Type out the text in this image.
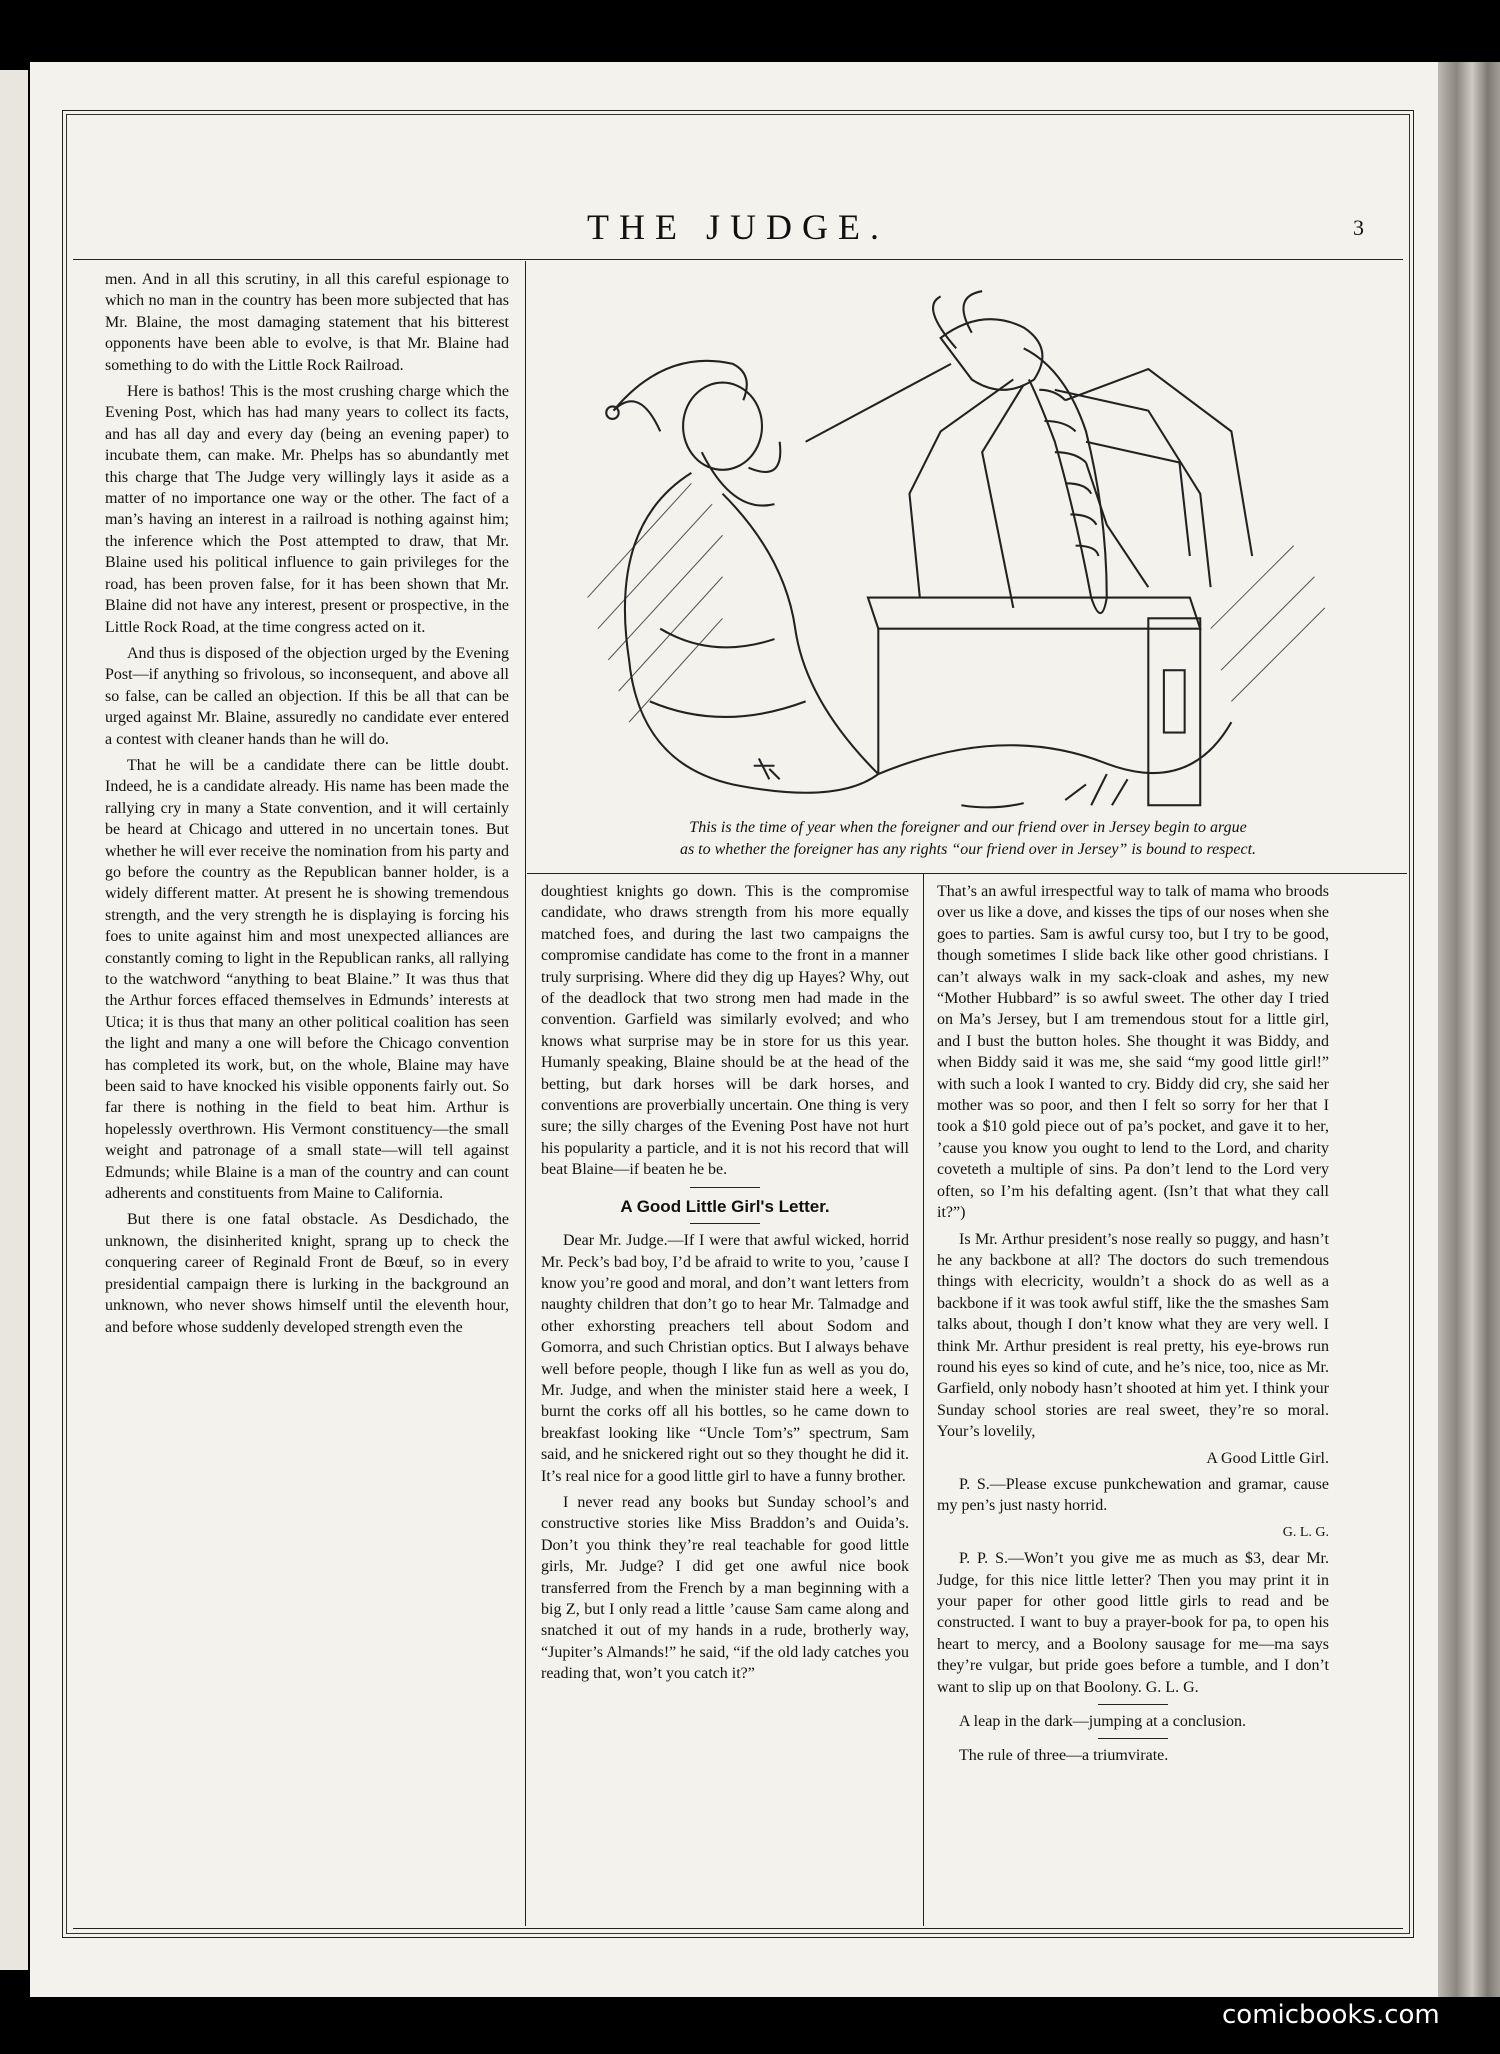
THE JUDGE.	3

men. And in all this scrutiny, in all this careful espionage to which no man in the country has been more subjected that has Mr. Blaine, the most damaging statement that his bitterest opponents have been able to evolve, is that Mr. Blaine had something to do with the Little Rock Railroad.

Here is bathos! This is the most crushing charge which the Evening Post, which has had many years to collect its facts, and has all day and every day (being an evening paper) to incubate them, can make. Mr. Phelps has so abundantly met this charge that The Judge very willingly lays it aside as a matter of no importance one way or the other. The fact of a man’s having an interest in a railroad is nothing against him; the inference which the Post attempted to draw, that Mr. Blaine used his political influence to gain privileges for the road, has been proven false, for it has been shown that Mr. Blaine did not have any interest, present or prospective, in the Little Rock Road, at the time congress acted on it.

And thus is disposed of the objection urged by the Evening Post—if anything so frivolous, so inconsequent, and above all so false, can be called an objection. If this be all that can be urged against Mr. Blaine, assuredly no candidate ever entered a contest with cleaner hands than he will do.

That he will be a candidate there can be little doubt. Indeed, he is a candidate already. His name has been made the rallying cry in many a State convention, and it will certainly be heard at Chicago and uttered in no uncertain tones. But whether he will ever receive the nomination from his party and go before the country as the Republican banner holder, is a widely different matter. At present he is showing tremendous strength, and the very strength he is displaying is forcing his foes to unite against him and most unexpected alliances are constantly coming to light in the Republican ranks, all rallying to the watchword “anything to beat Blaine.” It was thus that the Arthur forces effaced themselves in Edmunds’ interests at Utica; it is thus that many an other political coalition has seen the light and many a one will before the Chicago convention has completed its work, but, on the whole, Blaine may have been said to have knocked his visible opponents fairly out. So far there is nothing in the field to beat him. Arthur is hopelessly overthrown. His Vermont constituency—the small weight and patronage of a small state—will tell against Edmunds; while Blaine is a man of the country and can count adherents and constituents from Maine to California.

But there is one fatal obstacle. As Desdichado, the unknown, the disinherited knight, sprang up to check the conquering career of Reginald Front de Bœuf, so in every presidential campaign there is lurking in the background an unknown, who never shows himself until the eleventh hour, and before whose suddenly developed strength even the

This is the time of year when the foreigner and our friend over in Jersey begin to argue
as to whether the foreigner has any rights “our friend over in Jersey” is bound to respect.

doughtiest knights go down. This is the compromise candidate, who draws strength from his more equally matched foes, and during the last two campaigns the compromise candidate has come to the front in a manner truly surprising. Where did they dig up Hayes? Why, out of the deadlock that two strong men had made in the convention. Garfield was similarly evolved; and who knows what surprise may be in store for us this year. Humanly speaking, Blaine should be at the head of the betting, but dark horses will be dark horses, and conventions are proverbially uncertain. One thing is very sure; the silly charges of the Evening Post have not hurt his popularity a particle, and it is not his record that will beat Blaine—if beaten he be.

A Good Little Girl's Letter.

Dear Mr. Judge.—If I were that awful wicked, horrid Mr. Peck’s bad boy, I’d be afraid to write to you, ’cause I know you’re good and moral, and don’t want letters from naughty children that don’t go to hear Mr. Talmadge and other exhorsting preachers tell about Sodom and Gomorra, and such Christian optics. But I always behave well before people, though I like fun as well as you do, Mr. Judge, and when the minister staid here a week, I burnt the corks off all his bottles, so he came down to breakfast looking like “Uncle Tom’s” spectrum, Sam said, and he snickered right out so they thought he did it. It’s real nice for a good little girl to have a funny brother.

I never read any books but Sunday school’s and constructive stories like Miss Braddon’s and Ouida’s. Don’t you think they’re real teachable for good little girls, Mr. Judge? I did get one awful nice book transferred from the French by a man beginning with a big Z, but I only read a little ’cause Sam came along and snatched it out of my hands in a rude, brotherly way, “Jupiter’s Almands!” he said, “if the old lady catches you reading that, won’t you catch it?”

That’s an awful irrespectful way to talk of mama who broods over us like a dove, and kisses the tips of our noses when she goes to parties. Sam is awful cursy too, but I try to be good, though sometimes I slide back like other good christians. I can’t always walk in my sack-cloak and ashes, my new “Mother Hubbard” is so awful sweet. The other day I tried on Ma’s Jersey, but I am tremendous stout for a little girl, and I bust the button holes. She thought it was Biddy, and when Biddy said it was me, she said “my good little girl!” with such a look I wanted to cry. Biddy did cry, she said her mother was so poor, and then I felt so sorry for her that I took a $10 gold piece out of pa’s pocket, and gave it to her, ’cause you know you ought to lend to the Lord, and charity coveteth a multiple of sins. Pa don’t lend to the Lord very often, so I’m his defalting agent. (Isn’t that what they call it?”)

Is Mr. Arthur president’s nose really so puggy, and hasn’t he any backbone at all? The doctors do such tremendous things with elecricity, wouldn’t a shock do as well as a backbone if it was took awful stiff, like the the smashes Sam talks about, though I don’t know what they are very well. I think Mr. Arthur president is real pretty, his eye-brows run round his eyes so kind of cute, and he’s nice, too, nice as Mr. Garfield, only nobody hasn’t shooted at him yet. I think your Sunday school stories are real sweet, they’re so moral. Your’s lovelily,

A Good Little Girl.

P. S.—Please excuse punkchewation and gramar, cause my pen’s just nasty horrid.

G. L. G.

P. P. S.—Won’t you give me as much as $3, dear Mr. Judge, for this nice little letter? Then you may print it in your paper for other good little girls to read and be constructed. I want to buy a prayer-book for pa, to open his heart to mercy, and a Boolony sausage for me—ma says they’re vulgar, but pride goes before a tumble, and I don’t want to slip up on that Boolony. G. L. G.

A leap in the dark—jumping at a conclusion.

The rule of three—a triumvirate.

comicbooks.com
